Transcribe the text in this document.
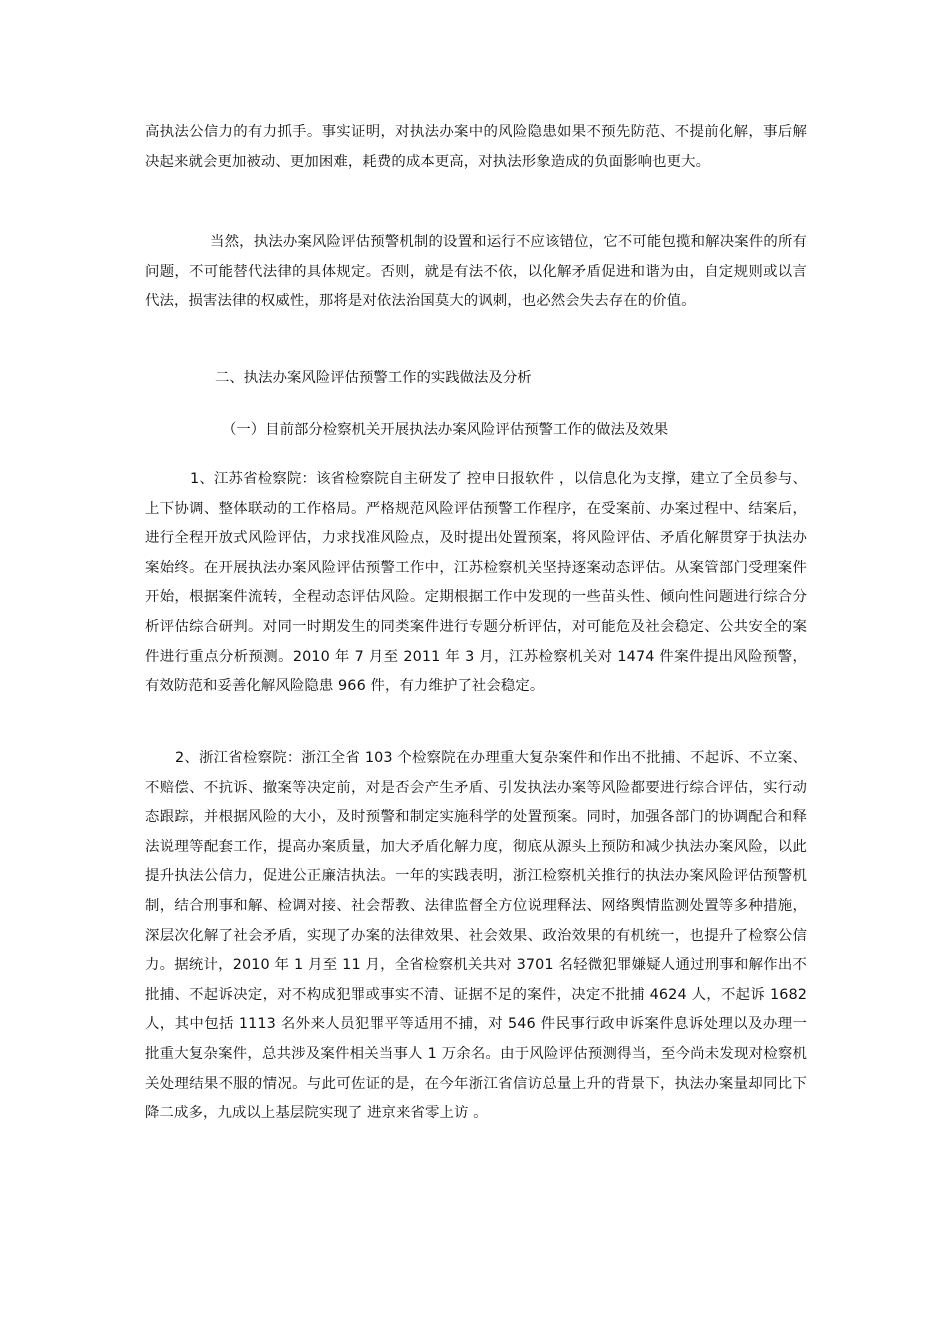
高执法公信力的有力抓手。事实证明，对执法办案中的风险隐患如果不预先防范、不提前化解，事后解决起来就会更加被动、更加困难，耗费的成本更高，对执法形象造成的负面影响也更大。

当然，执法办案风险评估预警机制的设置和运行不应该错位，它不可能包揽和解决案件的所有问题，不可能替代法律的具体规定。否则，就是有法不依，以化解矛盾促进和谐为由，自定规则或以言代法，损害法律的权威性，那将是对依法治国莫大的讽刺，也必然会失去存在的价值。

二、执法办案风险评估预警工作的实践做法及分析

（一）目前部分检察机关开展执法办案风险评估预警工作的做法及效果

1、江苏省检察院：该省检察院自主研发了 控申日报软件 ，以信息化为支撑，建立了全员参与、上下协调、整体联动的工作格局。严格规范风险评估预警工作程序，在受案前、办案过程中、结案后，进行全程开放式风险评估，力求找准风险点，及时提出处置预案，将风险评估、矛盾化解贯穿于执法办案始终。在开展执法办案风险评估预警工作中，江苏检察机关坚持逐案动态评估。从案管部门受理案件开始，根据案件流转，全程动态评估风险。定期根据工作中发现的一些苗头性、倾向性问题进行综合分析评估综合研判。对同一时期发生的同类案件进行专题分析评估，对可能危及社会稳定、公共安全的案件进行重点分析预测。2010 年 7 月至 2011 年 3 月，江苏检察机关对 1474 件案件提出风险预警，有效防范和妥善化解风险隐患 966 件，有力维护了社会稳定。

2、浙江省检察院：浙江全省 103 个检察院在办理重大复杂案件和作出不批捕、不起诉、不立案、不赔偿、不抗诉、撤案等决定前，对是否会产生矛盾、引发执法办案等风险都要进行综合评估，实行动态跟踪，并根据风险的大小，及时预警和制定实施科学的处置预案。同时，加强各部门的协调配合和释法说理等配套工作，提高办案质量，加大矛盾化解力度，彻底从源头上预防和减少执法办案风险，以此提升执法公信力，促进公正廉洁执法。一年的实践表明，浙江检察机关推行的执法办案风险评估预警机制，结合刑事和解、检调对接、社会帮教、法律监督全方位说理释法、网络舆情监测处置等多种措施，深层次化解了社会矛盾，实现了办案的法律效果、社会效果、政治效果的有机统一，也提升了检察公信力。据统计，2010 年 1 月至 11 月，全省检察机关共对 3701 名轻微犯罪嫌疑人通过刑事和解作出不批捕、不起诉决定，对不构成犯罪或事实不清、证据不足的案件，决定不批捕 4624 人，不起诉 1682 人，其中包括 1113 名外来人员犯罪平等适用不捕，对 546 件民事行政申诉案件息诉处理以及办理一批重大复杂案件，总共涉及案件相关当事人 1 万余名。由于风险评估预测得当，至今尚未发现对检察机关处理结果不服的情况。与此可佐证的是，在今年浙江省信访总量上升的背景下，执法办案量却同比下降二成多，九成以上基层院实现了 进京来省零上访 。
